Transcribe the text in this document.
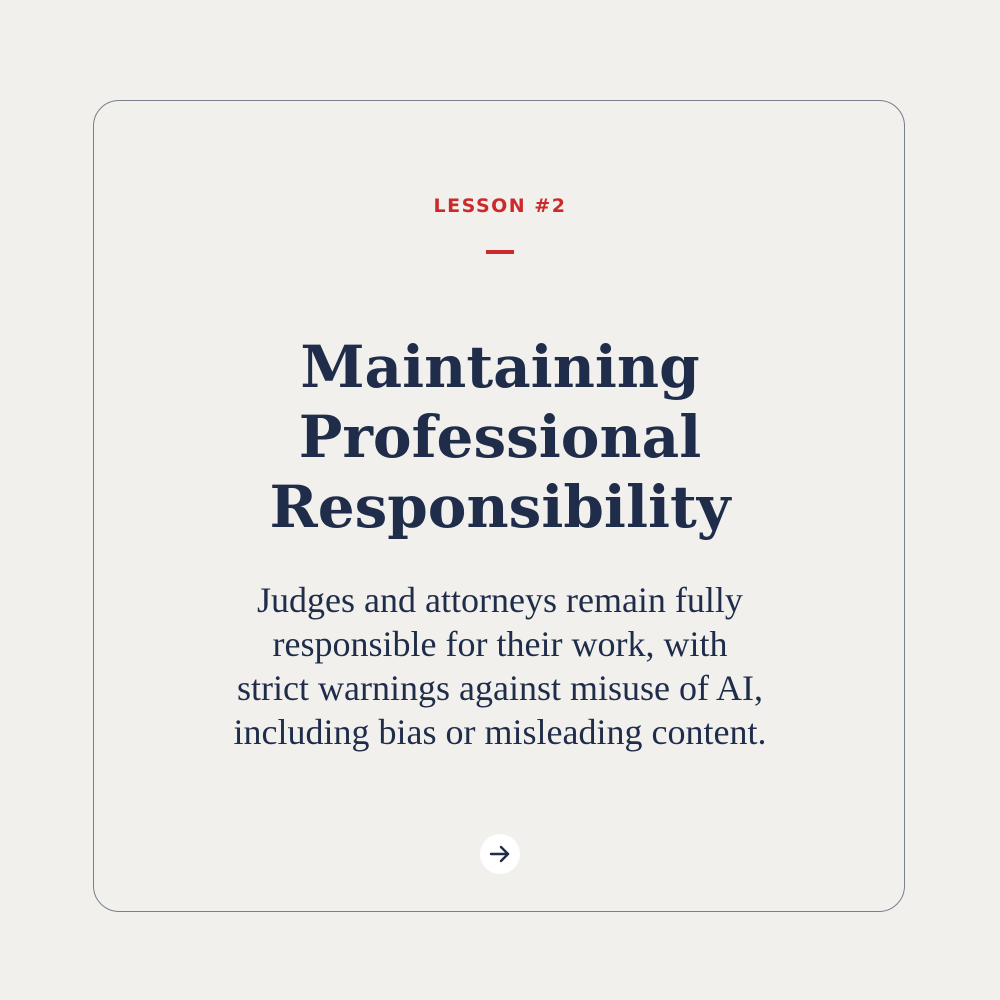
LESSON #2
Maintaining
Professional
Responsibility

Judges and attorneys remain fully
responsible for their work, with
strict warnings against misuse of AI,
including bias or misleading content.
